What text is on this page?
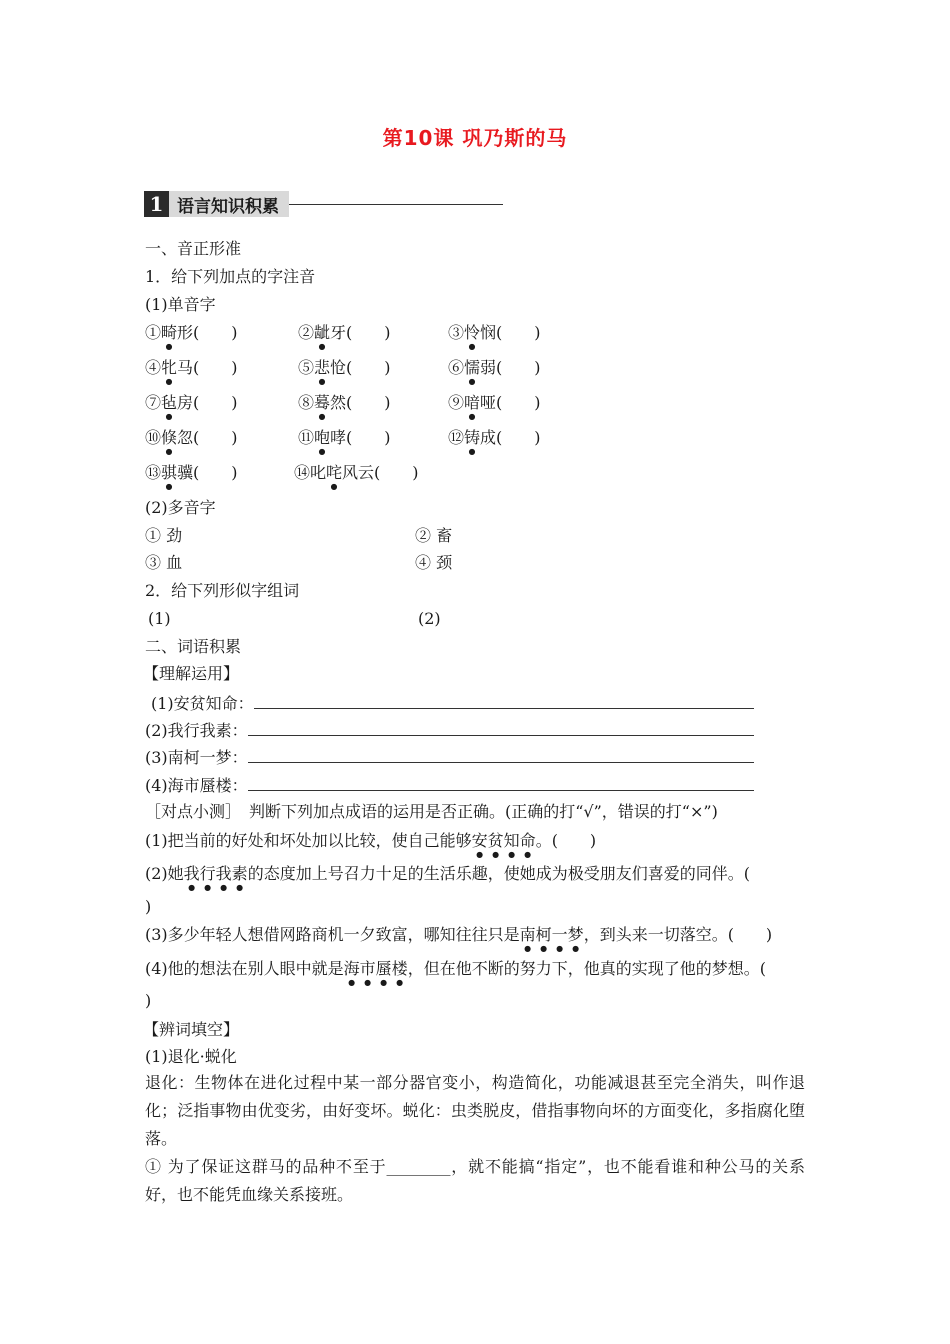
第10课 巩乃斯的马
1 语言知识积累
一、音正形准
1．给下列加点的字注音
(1)单音字
①畸形(　　)	②龇牙(　　)	③怜悯(　　)
④牝马(　　)	⑤悲怆(　　)	⑥懦弱(　　)
⑦毡房(　　)	⑧蓦然(　　)	⑨喑哑(　　)
⑩倏忽(　　)	⑪咆哮(　　)	⑫铸成(　　)
⑬骐骥(　　)	⑭叱咤风云(　　)
(2)多音字
① 劲	② 畜
③ 血	④ 颈
2．给下列形似字组词
(1)	(2)
二、词语积累
【理解运用】
(1)安贫知命：
(2)我行我素：
(3)南柯一梦：
(4)海市蜃楼：
［对点小测］　判断下列加点成语的运用是否正确。(正确的打“√”，错误的打“×”)
(1)把当前的好处和坏处加以比较，使自己能够安贫知命。(　　)
(2)她我行我素的态度加上号召力十足的生活乐趣，使她成为极受朋友们喜爱的同伴。(
)
(3)多少年轻人想借网路商机一夕致富，哪知往往只是南柯一梦，到头来一切落空。(　　)
(4)他的想法在别人眼中就是海市蜃楼，但在他不断的努力下，他真的实现了他的梦想。(
)
【辨词填空】
(1)退化·蜕化
退化：生物体在进化过程中某一部分器官变小，构造简化，功能减退甚至完全消失，叫作退化；泛指事物由优变劣，由好变坏。蜕化：虫类脱皮，借指事物向坏的方面变化，多指腐化堕落。
① 为了保证这群马的品种不至于________，就不能搞“指定”，也不能看谁和种公马的关系好，也不能凭血缘关系接班。
